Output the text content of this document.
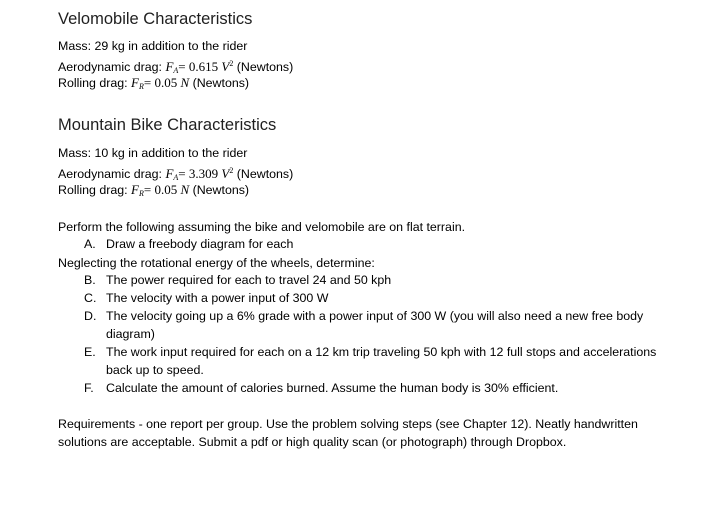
Velomobile Characteristics
Mass: 29 kg in addition to the rider
Aerodynamic drag: $F_A= 0.615$ $V^2$ (Newtons)
Rolling drag: $F_R= 0.05$ N (Newtons)
Mountain Bike Characteristics
Mass: 10 kg in addition to the rider
Aerodynamic drag: $F_A= 3.309$ $V^2$ (Newtons)
Rolling drag: $F_R= 0.05$ N (Newtons)
Perform the following assuming the bike and velomobile are on flat terrain.
A. Draw a freebody diagram for each
Neglecting the rotational energy of the wheels, determine:
B. The power required for each to travel 24 and 50 kph
C. The velocity with a power input of 300 W
D. The velocity going up a 6% grade with a power input of 300 W (you will also need a new free body diagram)
E. The work input required for each on a 12 km trip traveling 50 kph with 12 full stops and accelerations back up to speed.
F. Calculate the amount of calories burned. Assume the human body is 30% efficient.
Requirements - one report per group. Use the problem solving steps (see Chapter 12). Neatly handwritten solutions are acceptable. Submit a pdf or high quality scan (or photograph) through Dropbox.
